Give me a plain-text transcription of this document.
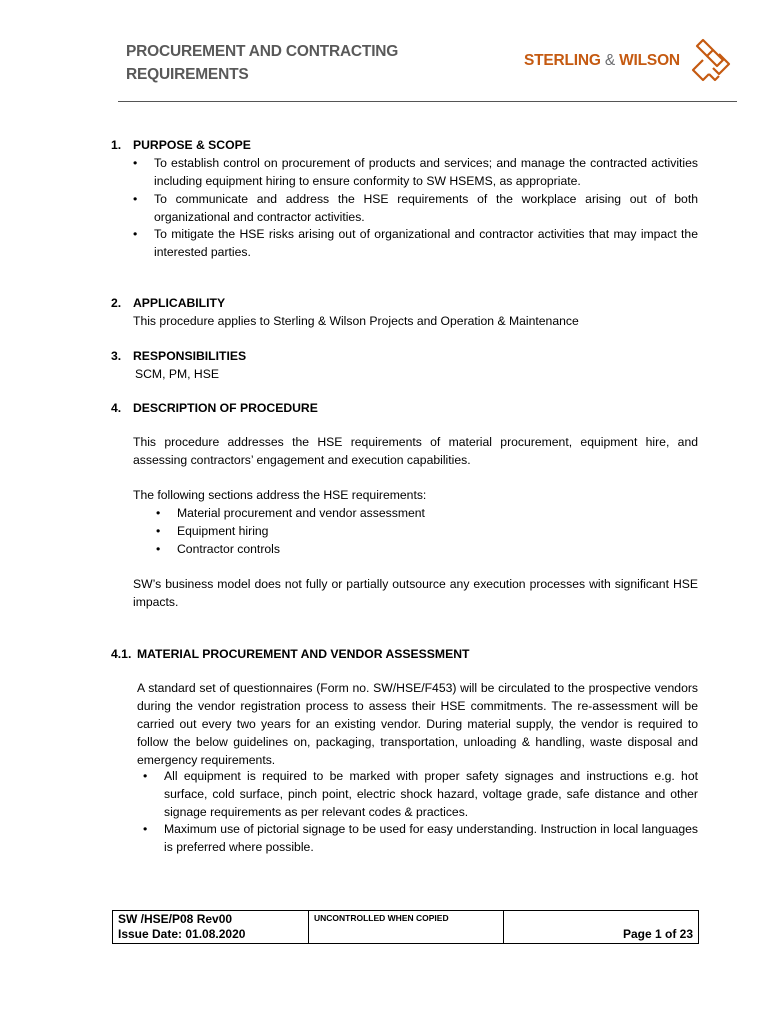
PROCUREMENT AND CONTRACTING
REQUIREMENTS
STERLING & WILSON
1. PURPOSE & SCOPE
• To establish control on procurement of products and services; and manage the contracted activities including equipment hiring to ensure conformity to SW HSEMS, as appropriate.
• To communicate and address the HSE requirements of the workplace arising out of both organizational and contractor activities.
• To mitigate the HSE risks arising out of organizational and contractor activities that may impact the interested parties.
2. APPLICABILITY
This procedure applies to Sterling & Wilson Projects and Operation & Maintenance
3. RESPONSIBILITIES
SCM, PM, HSE
4. DESCRIPTION OF PROCEDURE
This procedure addresses the HSE requirements of material procurement, equipment hire, and assessing contractors’ engagement and execution capabilities.
The following sections address the HSE requirements:
• Material procurement and vendor assessment
• Equipment hiring
• Contractor controls
SW’s business model does not fully or partially outsource any execution processes with significant HSE impacts.
4.1. MATERIAL PROCUREMENT AND VENDOR ASSESSMENT
A standard set of questionnaires (Form no. SW/HSE/F453) will be circulated to the prospective vendors during the vendor registration process to assess their HSE commitments. The re-assessment will be carried out every two years for an existing vendor. During material supply, the vendor is required to follow the below guidelines on, packaging, transportation, unloading & handling, waste disposal and emergency requirements.
• All equipment is required to be marked with proper safety signages and instructions e.g. hot surface, cold surface, pinch point, electric shock hazard, voltage grade, safe distance and other signage requirements as per relevant codes & practices.
• Maximum use of pictorial signage to be used for easy understanding. Instruction in local languages is preferred where possible.
SW /HSE/P08 Rev00
Issue Date: 01.08.2020
UNCONTROLLED WHEN COPIED
Page 1 of 23
